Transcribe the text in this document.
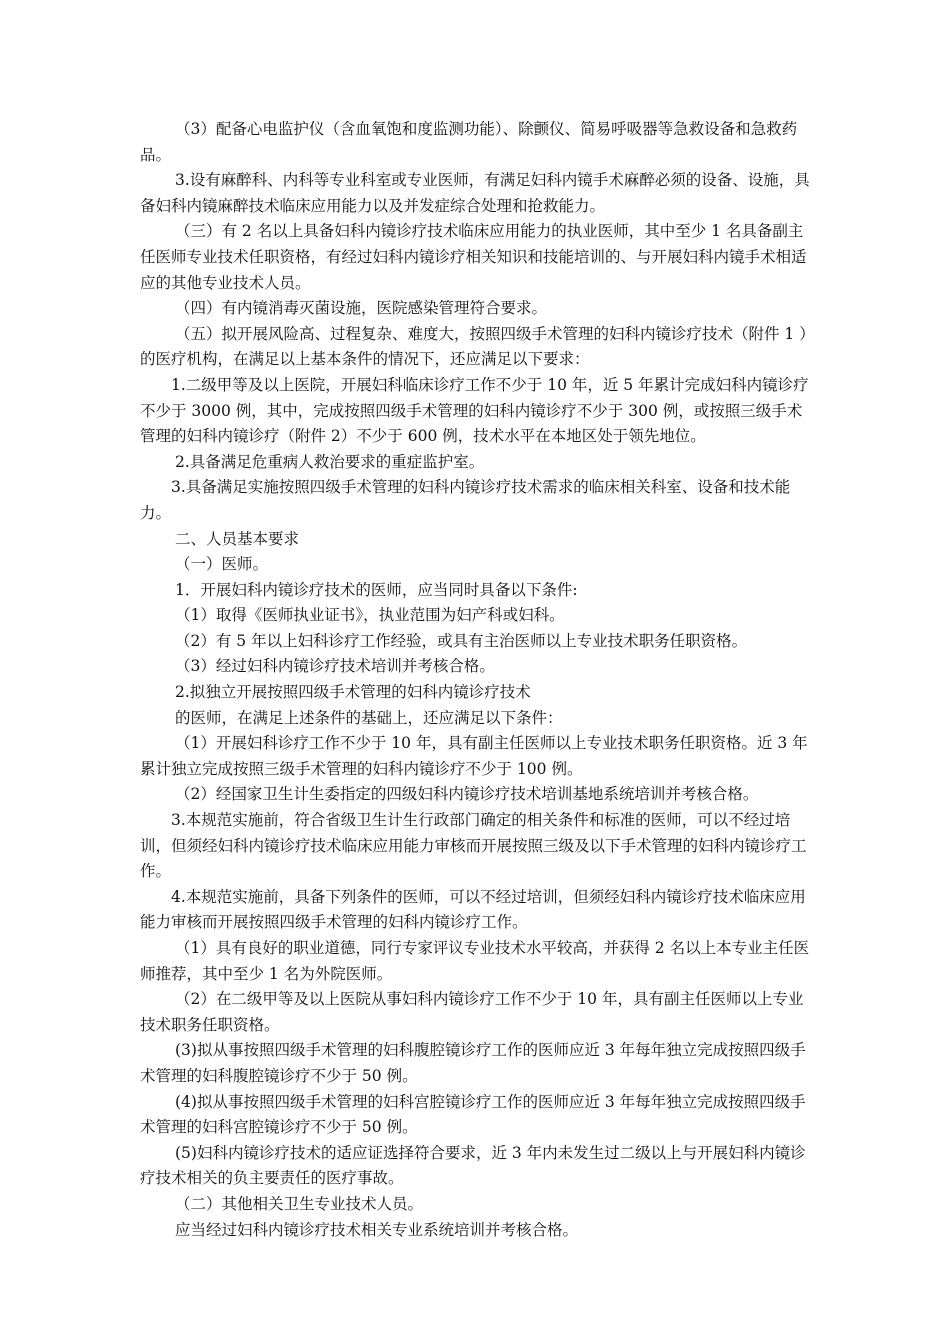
（3）配备心电监护仪（含血氧饱和度监测功能）、除颤仪、简易呼吸器等急救设备和急救药品。

3.设有麻醉科、内科等专业科室或专业医师，有满足妇科内镜手术麻醉必须的设备、设施，具备妇科内镜麻醉技术临床应用能力以及并发症综合处理和抢救能力。

（三）有 2 名以上具备妇科内镜诊疗技术临床应用能力的执业医师，其中至少 1 名具备副主任医师专业技术任职资格，有经过妇科内镜诊疗相关知识和技能培训的、与开展妇科内镜手术相适应的其他专业技术人员。

（四）有内镜消毒灭菌设施，医院感染管理符合要求。

（五）拟开展风险高、过程复杂、难度大，按照四级手术管理的妇科内镜诊疗技术（附件 1 ）的医疗机构，在满足以上基本条件的情况下，还应满足以下要求：

1.二级甲等及以上医院，开展妇科临床诊疗工作不少于 10 年，近 5 年累计完成妇科内镜诊疗不少于 3000 例，其中，完成按照四级手术管理的妇科内镜诊疗不少于 300 例，或按照三级手术管理的妇科内镜诊疗（附件 2）不少于 600 例，技术水平在本地区处于领先地位。

2.具备满足危重病人救治要求的重症监护室。

3.具备满足实施按照四级手术管理的妇科内镜诊疗技术需求的临床相关科室、设备和技术能力。

二、人员基本要求

（一）医师。

1．开展妇科内镜诊疗技术的医师，应当同时具备以下条件:

（1）取得《医师执业证书》，执业范围为妇产科或妇科。

（2）有 5 年以上妇科诊疗工作经验，或具有主治医师以上专业技术职务任职资格。

（3）经过妇科内镜诊疗技术培训并考核合格。

2.拟独立开展按照四级手术管理的妇科内镜诊疗技术

的医师，在满足上述条件的基础上，还应满足以下条件：

（1）开展妇科诊疗工作不少于 10 年，具有副主任医师以上专业技术职务任职资格。近 3 年累计独立完成按照三级手术管理的妇科内镜诊疗不少于 100 例。

（2）经国家卫生计生委指定的四级妇科内镜诊疗技术培训基地系统培训并考核合格。

3.本规范实施前，符合省级卫生计生行政部门确定的相关条件和标准的医师，可以不经过培训，但须经妇科内镜诊疗技术临床应用能力审核而开展按照三级及以下手术管理的妇科内镜诊疗工作。

4.本规范实施前，具备下列条件的医师，可以不经过培训，但须经妇科内镜诊疗技术临床应用能力审核而开展按照四级手术管理的妇科内镜诊疗工作。

（1）具有良好的职业道德，同行专家评议专业技术水平较高，并获得 2 名以上本专业主任医师推荐，其中至少 1 名为外院医师。

（2）在二级甲等及以上医院从事妇科内镜诊疗工作不少于 10 年，具有副主任医师以上专业技术职务任职资格。

(3)拟从事按照四级手术管理的妇科腹腔镜诊疗工作的医师应近 3 年每年独立完成按照四级手术管理的妇科腹腔镜诊疗不少于 50 例。

(4)拟从事按照四级手术管理的妇科宫腔镜诊疗工作的医师应近 3 年每年独立完成按照四级手术管理的妇科宫腔镜诊疗不少于 50 例。

(5)妇科内镜诊疗技术的适应证选择符合要求，近 3 年内未发生过二级以上与开展妇科内镜诊疗技术相关的负主要责任的医疗事故。

（二）其他相关卫生专业技术人员。

应当经过妇科内镜诊疗技术相关专业系统培训并考核合格。
